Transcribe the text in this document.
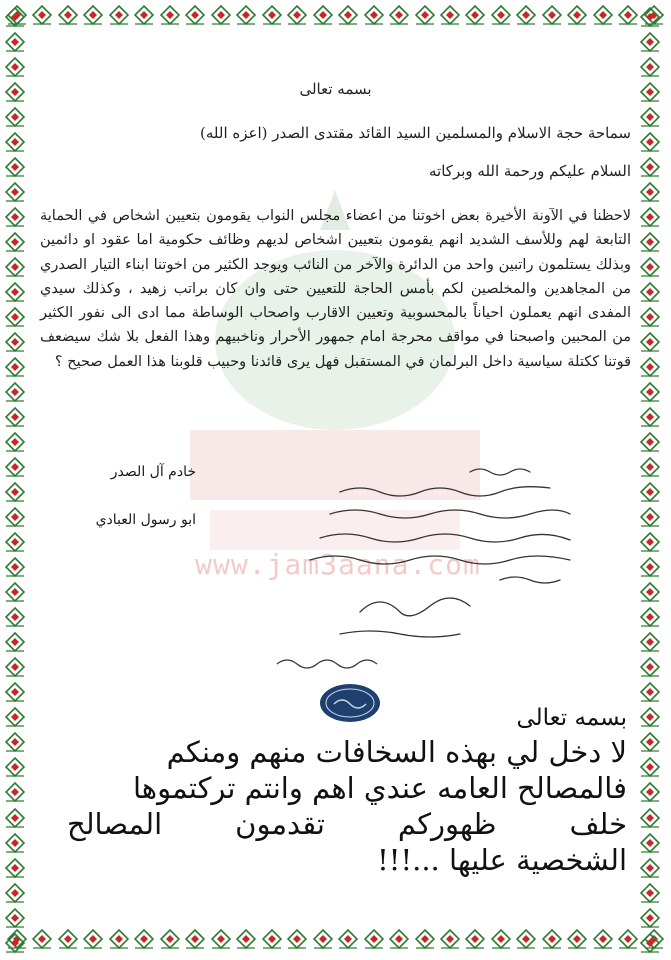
www.jam3aana.com
بسمه تعالى
سماحة حجة الاسلام والمسلمين السيد القائد مقتدى الصدر (اعزه الله)
السلام عليكم ورحمة الله وبركاته
لاحظنا في الآونة الأخيرة بعض اخوتنا من اعضاء مجلس النواب يقومون بتعيين اشخاص في الحماية التابعة لهم وللأسف الشديد انهم يقومون بتعيين اشخاص لديهم وظائف حكومية اما عقود او دائمين وبذلك يستلمون راتبين واحد من الدائرة والآخر من النائب ويوجد الكثير من اخوتنا ابناء التيار الصدري من المجاهدين والمخلصين لكم بأمس الحاجة للتعيين حتى وان كان براتب زهيد ، وكذلك سيدي المفدى انهم يعملون احياناً بالمحسوبية وتعيين الاقارب واصحاب الوساطة مما ادى الى نفور الكثير من المحبين واصبحنا في مواقف محرجة امام جمهور الأحرار وناخبيهم وهذا الفعل بلا شك سيضعف قوتنا ككتلة سياسية داخل البرلمان في المستقبل فهل يرى قائدنا وحبيب قلوبنا هذا العمل صحيح ؟
خادم آل الصدر
ابو رسول العبادي
بسمه تعالى
لا دخل لي بهذه السخافات منهم ومنكم
فالمصالح العامه عندي اهم وانتم تركتموها
خلف ظهوركم تقدمون المصالح
الشخصية عليها ...!!!
